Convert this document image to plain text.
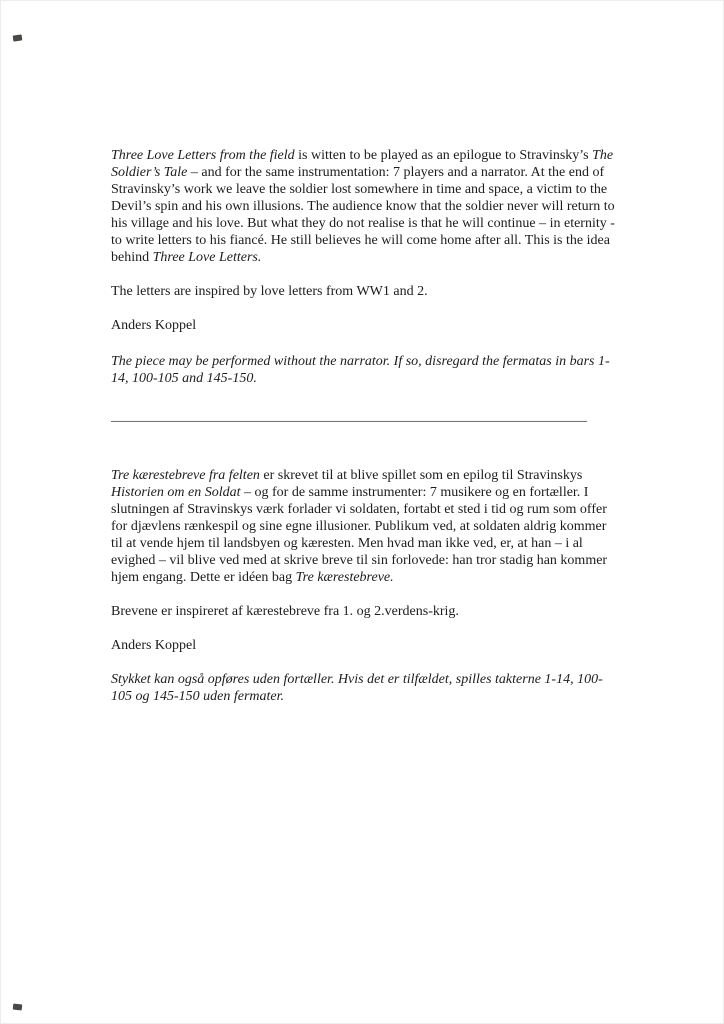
Three Love Letters from the field is witten to be played as an epilogue to Stravinsky’s The Soldier’s Tale – and for the same instrumentation: 7 players and a narrator. At the end of Stravinsky’s work we leave the soldier lost somewhere in time and space, a victim to the Devil’s spin and his own illusions. The audience know that the soldier never will return to his village and his love. But what they do not realise is that he will continue – in eternity - to write letters to his fiancé. He still believes he will come home after all. This is the idea behind Three Love Letters.

The letters are inspired by love letters from WW1 and 2.

Anders Koppel

The piece may be performed without the narrator. If so, disregard the fermatas in bars 1-14, 100-105 and 145-150.

____________________________________________________________________

Tre kærestebreve fra felten er skrevet til at blive spillet som en epilog til Stravinskys Historien om en Soldat – og for de samme instrumenter: 7 musikere og en fortæller. I slutningen af Stravinskys værk forlader vi soldaten, fortabt et sted i tid og rum som offer for djævlens rænkespil og sine egne illusioner. Publikum ved, at soldaten aldrig kommer til at vende hjem til landsbyen og kæresten. Men hvad man ikke ved, er, at han – i al evighed – vil blive ved med at skrive breve til sin forlovede: han tror stadig han kommer hjem engang. Dette er idéen bag Tre kærestebreve.

Brevene er inspireret af kærestebreve fra 1. og 2.verdens-krig.

Anders Koppel

Stykket kan også opføres uden fortæller. Hvis det er tilfældet, spilles takterne 1-14, 100-105 og 145-150 uden fermater.
